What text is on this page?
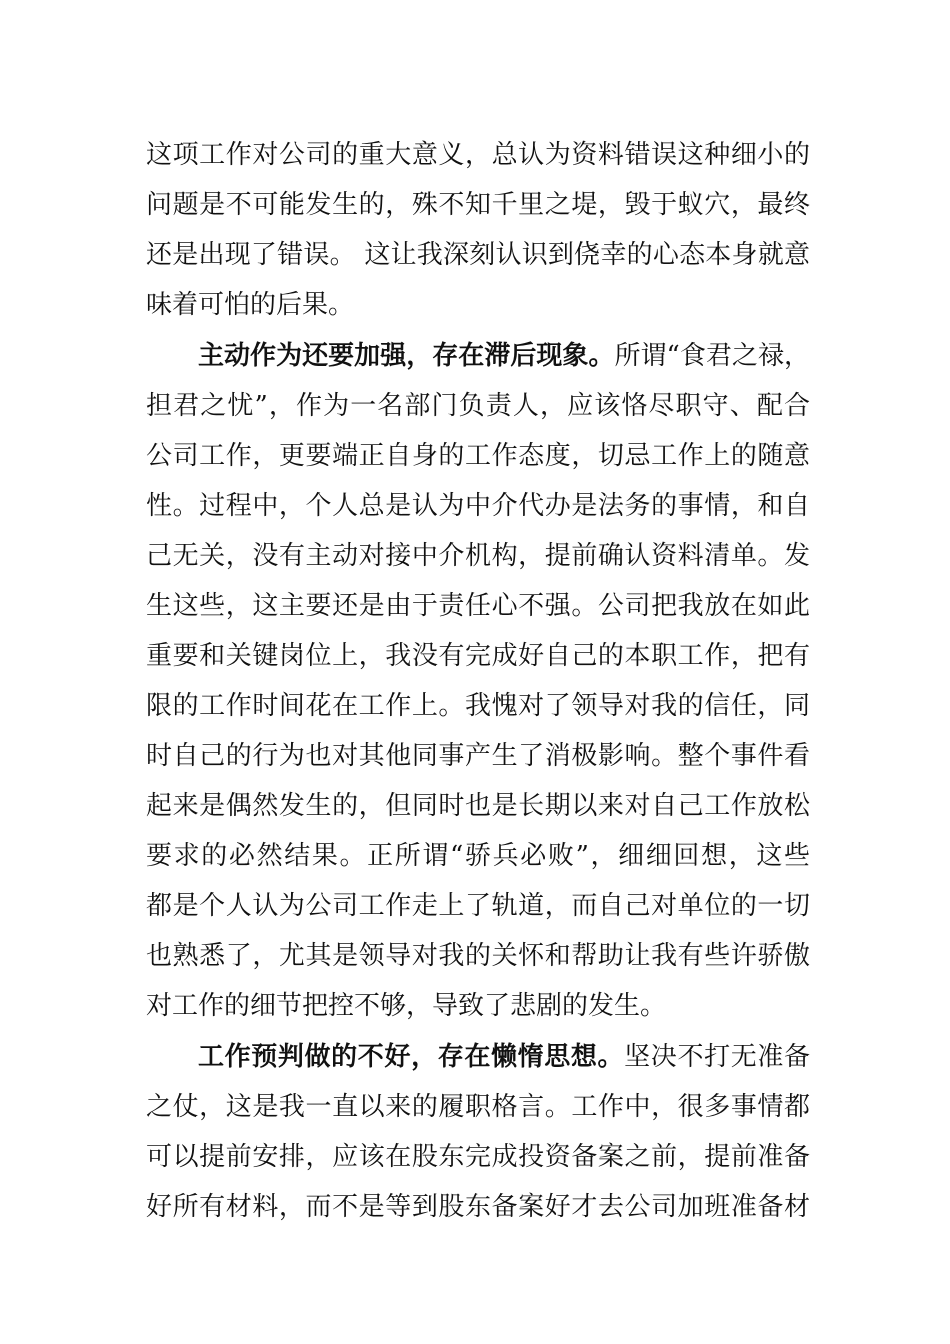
这项工作对公司的重大意义，总认为资料错误这种细小的
问题是不可能发生的，殊不知千里之堤，毁于蚁穴，最终
还是出现了错误。 这让我深刻认识到侥幸的心态本身就意
味着可怕的后果。
主动作为还要加强，存在滞后现象。所谓“食君之禄，
担君之忧”，作为一名部门负责人，应该恪尽职守、配合
公司工作，更要端正自身的工作态度，切忌工作上的随意
性。过程中，个人总是认为中介代办是法务的事情，和自
己无关，没有主动对接中介机构，提前确认资料清单。发
生这些，这主要还是由于责任心不强。公司把我放在如此
重要和关键岗位上，我没有完成好自己的本职工作，把有
限的工作时间花在工作上。我愧对了领导对我的信任，同
时自己的行为也对其他同事产生了消极影响。整个事件看
起来是偶然发生的，但同时也是长期以来对自己工作放松
要求的必然结果。正所谓“骄兵必败”，细细回想，这些
都是个人认为公司工作走上了轨道，而自己对单位的一切
也熟悉了，尤其是领导对我的关怀和帮助让我有些许骄傲
对工作的细节把控不够，导致了悲剧的发生。
工作预判做的不好，存在懒惰思想。坚决不打无准备
之仗，这是我一直以来的履职格言。工作中，很多事情都
可以提前安排，应该在股东完成投资备案之前，提前准备
好所有材料，而不是等到股东备案好才去公司加班准备材
